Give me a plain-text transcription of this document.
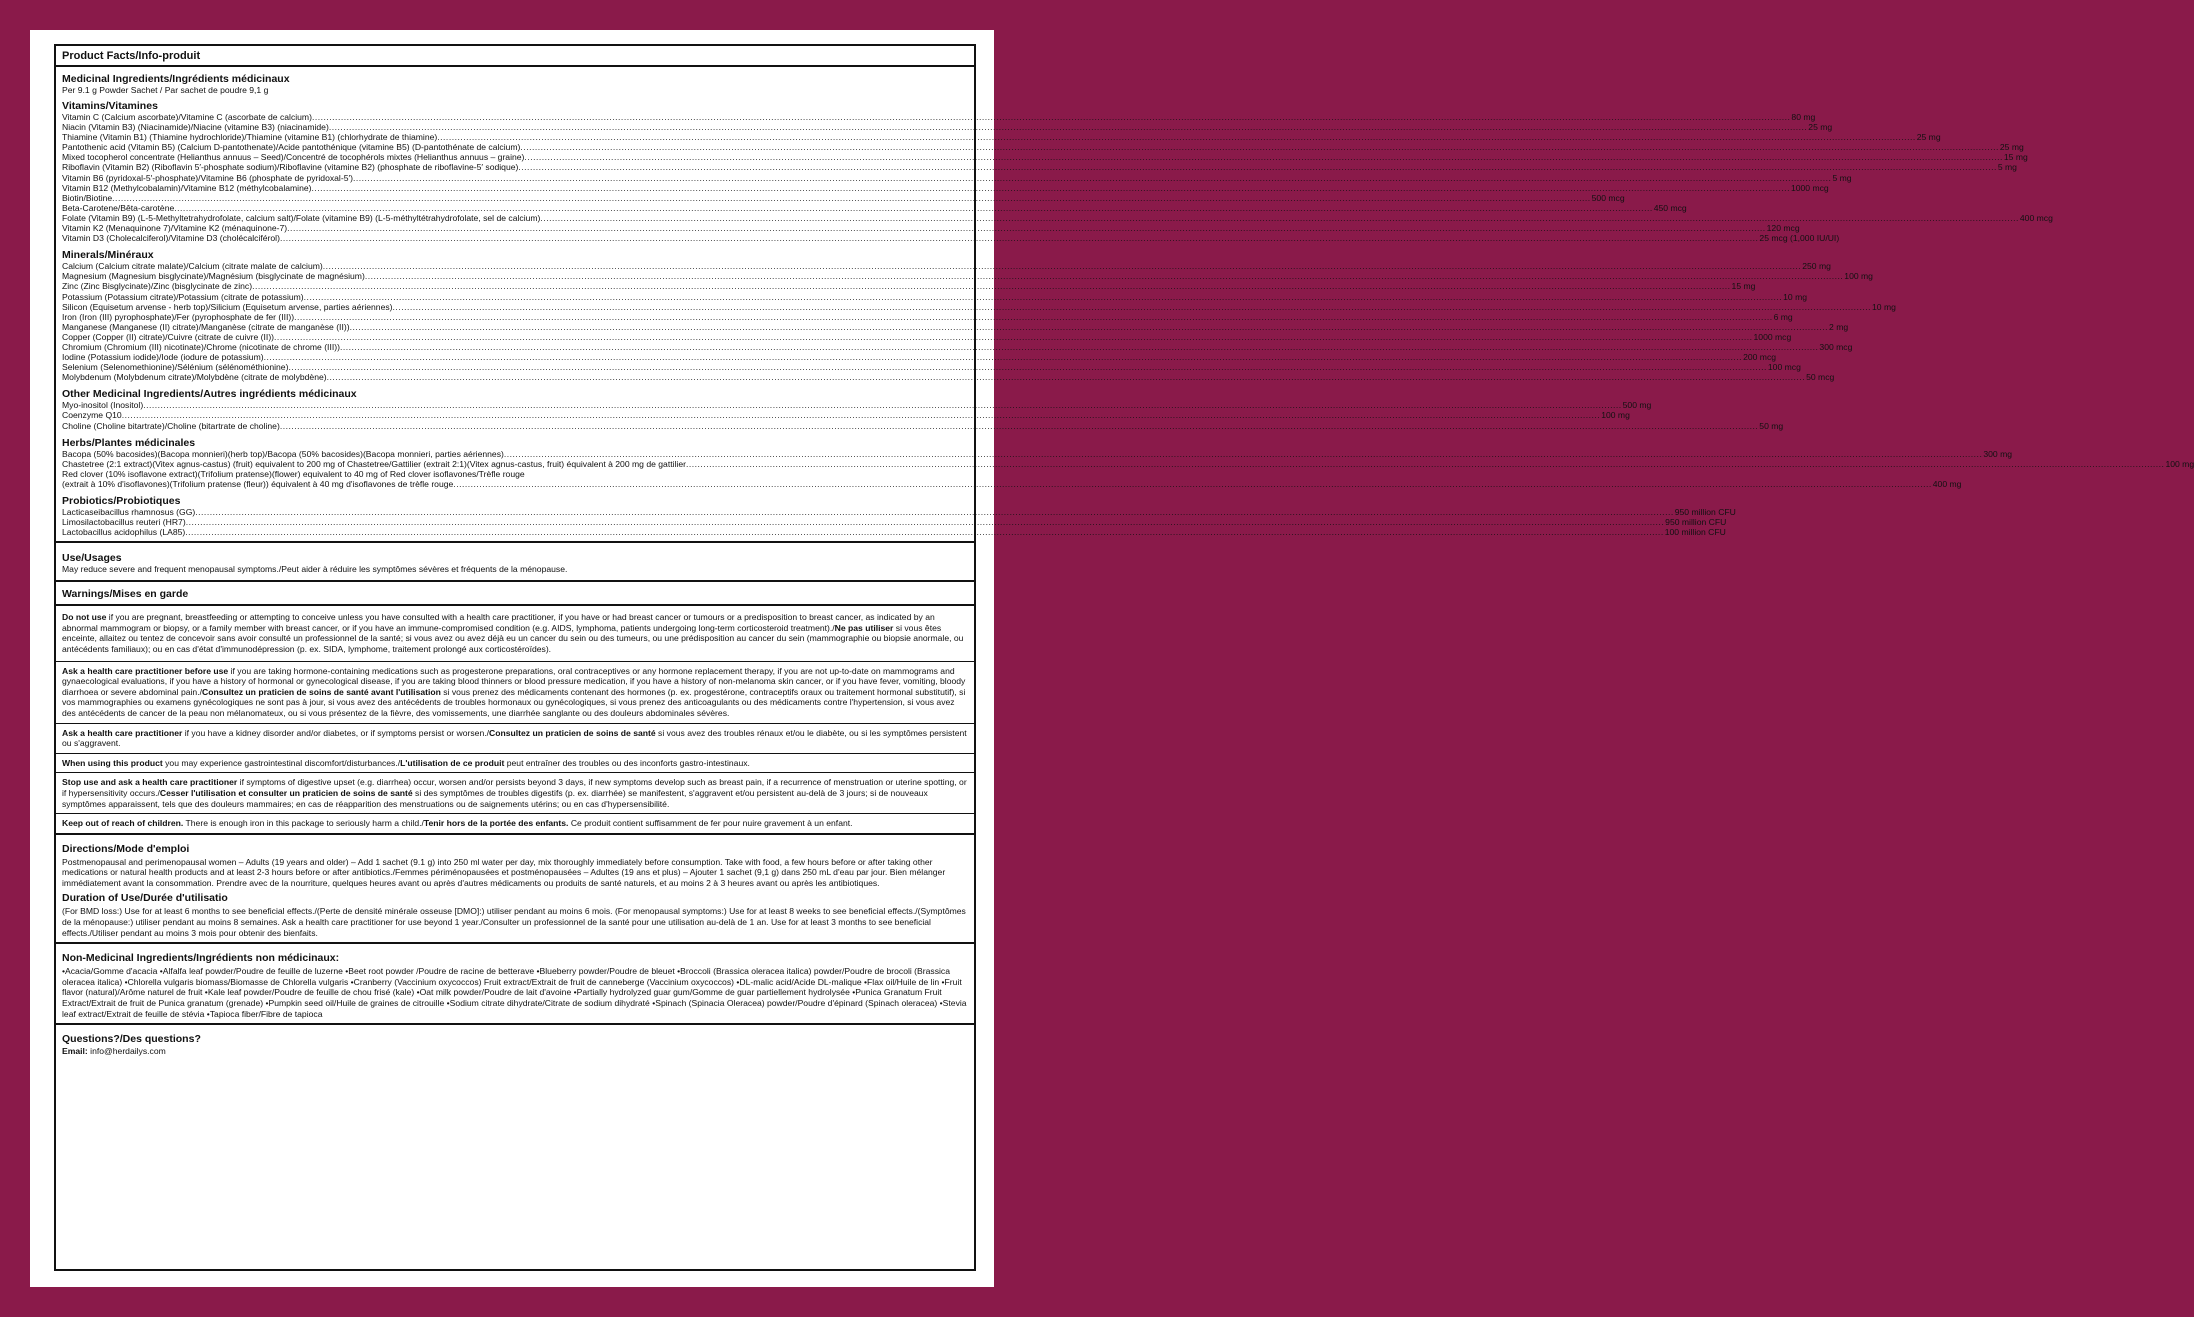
Product Facts/Info-produit
Medicinal Ingredients/Ingrédients médicinaux
Per 9.1 g Powder Sachet / Par sachet de poudre 9,1 g
Vitamins/Vitamines
Vitamin C (Calcium ascorbate)/Vitamine C (ascorbate de calcium) .....	80 mg
Niacin (Vitamin B3) (Niacinamide)/Niacine (vitamine B3) (niacinamide) .....	25 mg
Thiamine (Vitamin B1) (Thiamine hydrochloride)/Thiamine (vitamine B1) (chlorhydrate de thiamine) .....	25 mg
Pantothenic acid (Vitamin B5) (Calcium D-pantothenate)/Acide pantothénique (vitamine B5) (D-pantothénate de calcium) .....	25 mg
Mixed tocopherol concentrate (Helianthus annuus – Seed)/Concentré de tocophérols mixtes (Helianthus annuus – graine) .....	15 mg
Riboflavin (Vitamin B2) (Riboflavin 5′-phosphate sodium)/Riboflavine (vitamine B2) (phosphate de riboflavine-5′ sodique) .....	5 mg
Vitamin B6 (pyridoxal-5′-phosphate)/Vitamine B6 (phosphate de pyridoxal-5′) .....	5 mg
Vitamin B12 (Methylcobalamin)/Vitamine B12 (méthylcobalamine) .....	1000 mcg
Biotin/Biotine .....	500 mcg
Beta-Carotene/Bêta-carotène .....	450 mcg
Folate (Vitamin B9) (L-5-Methyltetrahydrofolate, calcium salt)/Folate (vitamine B9) (L-5-méthyltétrahydrofolate, sel de calcium) .....	400 mcg
Vitamin K2 (Menaquinone 7)/Vitamine K2 (ménaquinone-7) .....	120 mcg
Vitamin D3 (Cholecalciferol)/Vitamine D3 (cholécalciférol) .....	25 mcg (1,000 IU/UI)
Minerals/Minéraux
Calcium (Calcium citrate malate)/Calcium (citrate malate de calcium) .....	250 mg
Magnesium (Magnesium bisglycinate)/Magnésium (bisglycinate de magnésium) .....	100 mg
Zinc (Zinc Bisglycinate)/Zinc (bisglycinate de zinc) .....	15 mg
Potassium (Potassium citrate)/Potassium (citrate de potassium) .....	10 mg
Silicon (Equisetum arvense - herb top)/Silicium (Equisetum arvense, parties aériennes) .....	10 mg
Iron (Iron (III) pyrophosphate)/Fer (pyrophosphate de fer (III)) .....	6 mg
Manganese (Manganese (II) citrate)/Manganèse (citrate de manganèse (II)) .....	2 mg
Copper (Copper (II) citrate)/Cuivre (citrate de cuivre (II)) .....	1000 mcg
Chromium (Chromium (III) nicotinate)/Chrome (nicotinate de chrome (III)) .....	300 mcg
Iodine (Potassium iodide)/Iode (iodure de potassium) .....	200 mcg
Selenium (Selenomethionine)/Sélénium (sélénométhionine) .....	100 mcg
Molybdenum (Molybdenum citrate)/Molybdène (citrate de molybdène) .....	50 mcg
Other Medicinal Ingredients/Autres ingrédients médicinaux
Myo-inositol (Inositol) .....	500 mg
Coenzyme Q10 .....	100 mg
Choline (Choline bitartrate)/Choline (bitartrate de choline) .....	50 mg
Herbs/Plantes médicinales
Bacopa (50% bacosides)(Bacopa monnieri)(herb top)/Bacopa (50% bacosides)(Bacopa monnieri, parties aériennes) .....	300 mg
Chastetree (2:1 extract)(Vitex agnus-castus) (fruit) equivalent to 200 mg of Chastetree/Gattilier (extrait 2:1)(Vitex agnus-castus, fruit) équivalent à 200 mg de gattilier .....	100 mg
Red clover (10% isoflavone extract)(Trifolium pratense)(flower) equivalent to 40 mg of Red clover isoflavones/Trèfle rouge
(extrait à 10% d'isoflavones)(Trifolium pratense (fleur)) équivalent à 40 mg d'isoflavones de trèfle rouge .....	400 mg
Probiotics/Probiotiques
Lacticaseibacillus rhamnosus (GG) .....	950 million CFU
Limosilactobacillus reuteri (HR7) .....	950 million CFU
Lactobacillus acidophilus (LA85) .....	100 million CFU
Use/Usages
May reduce severe and frequent menopausal symptoms./Peut aider à réduire les symptômes sévères et fréquents de la ménopause.
Warnings/Mises en garde
Do not use if you are pregnant, breastfeeding or attempting to conceive unless you have consulted with a health care practitioner, if you have or had breast cancer or tumours or a predisposition to breast cancer, as indicated by an abnormal mammogram or biopsy, or a family member with breast cancer, or if you have an immune-compromised condition (e.g. AIDS, lymphoma, patients undergoing long-term corticosteroid treatment)./Ne pas utiliser si vous êtes enceinte, allaitez ou tentez de concevoir sans avoir consulté un professionnel de la santé; si vous avez ou avez déjà eu un cancer du sein ou des tumeurs, ou une prédisposition au cancer du sein (mammographie ou biopsie anormale, ou antécédents familiaux); ou en cas d'état d'immunodépression (p. ex. SIDA, lymphome, traitement prolongé aux corticostéroïdes).
Ask a health care practitioner before use if you are taking hormone-containing medications such as progesterone preparations, oral contraceptives or any hormone replacement therapy, if you are not up-to-date on mammograms and gynaecological evaluations, if you have a history of hormonal or gynecological disease, if you are taking blood thinners or blood pressure medication, if you have a history of non-melanoma skin cancer, or if you have fever, vomiting, bloody diarrhoea or severe abdominal pain./Consultez un praticien de soins de santé avant l'utilisation si vous prenez des médicaments contenant des hormones (p. ex. progestérone, contraceptifs oraux ou traitement hormonal substitutif), si vos mammographies ou examens gynécologiques ne sont pas à jour, si vous avez des antécédents de troubles hormonaux ou gynécologiques, si vous prenez des anticoagulants ou des médicaments contre l'hypertension, si vous avez des antécédents de cancer de la peau non mélanomateux, ou si vous présentez de la fièvre, des vomissements, une diarrhée sanglante ou des douleurs abdominales sévères.
Ask a health care practitioner if you have a kidney disorder and/or diabetes, or if symptoms persist or worsen./Consultez un praticien de soins de santé si vous avez des troubles rénaux et/ou le diabète, ou si les symptômes persistent ou s'aggravent.
When using this product you may experience gastrointestinal discomfort/disturbances./L'utilisation de ce produit peut entraîner des troubles ou des inconforts gastro-intestinaux.
Stop use and ask a health care practitioner if symptoms of digestive upset (e.g. diarrhea) occur, worsen and/or persists beyond 3 days, if new symptoms develop such as breast pain, if a recurrence of menstruation or uterine spotting, or if hypersensitivity occurs./Cesser l'utilisation et consulter un praticien de soins de santé si des symptômes de troubles digestifs (p. ex. diarrhée) se manifestent, s'aggravent et/ou persistent au-delà de 3 jours; si de nouveaux symptômes apparaissent, tels que des douleurs mammaires; en cas de réapparition des menstruations ou de saignements utérins; ou en cas d'hypersensibilité.
Keep out of reach of children. There is enough iron in this package to seriously harm a child./Tenir hors de la portée des enfants. Ce produit contient suffisamment de fer pour nuire gravement à un enfant.
Directions/Mode d'emploi
Postmenopausal and perimenopausal women – Adults (19 years and older) – Add 1 sachet (9.1 g) into 250 ml water per day, mix thoroughly immediately before consumption. Take with food, a few hours before or after taking other medications or natural health products and at least 2-3 hours before or after antibiotics./Femmes périménopausées et postménopausées – Adultes (19 ans et plus) – Ajouter 1 sachet (9,1 g) dans 250 mL d'eau par jour. Bien mélanger immédiatement avant la consommation. Prendre avec de la nourriture, quelques heures avant ou après d'autres médicaments ou produits de santé naturels, et au moins 2 à 3 heures avant ou après les antibiotiques.
Duration of Use/Durée d'utilisatio
(For BMD loss:) Use for at least 6 months to see beneficial effects./(Perte de densité minérale osseuse [DMO]:) utiliser pendant au moins 6 mois. (For menopausal symptoms:) Use for at least 8 weeks to see beneficial effects./(Symptômes de la ménopause:) utiliser pendant au moins 8 semaines. Ask a health care practitioner for use beyond 1 year./Consulter un professionnel de la santé pour une utilisation au-delà de 1 an. Use for at least 3 months to see beneficial effects./Utiliser pendant au moins 3 mois pour obtenir des bienfaits.
Non-Medicinal Ingredients/Ingrédients non médicinaux:
•Acacia/Gomme d'acacia •Alfalfa leaf powder/Poudre de feuille de luzerne •Beet root powder /Poudre de racine de betterave •Blueberry powder/Poudre de bleuet •Broccoli (Brassica oleracea italica) powder/Poudre de brocoli (Brassica oleracea italica) •Chlorella vulgaris biomass/Biomasse de Chlorella vulgaris •Cranberry (Vaccinium oxycoccos) Fruit extract/Extrait de fruit de canneberge (Vaccinium oxycoccos) •DL-malic acid/Acide DL-malique •Flax oil/Huile de lin •Fruit flavor (natural)/Arôme naturel de fruit •Kale leaf powder/Poudre de feuille de chou frisé (kale) •Oat milk powder/Poudre de lait d'avoine •Partially hydrolyzed guar gum/Gomme de guar partiellement hydrolysée •Punica Granatum Fruit Extract/Extrait de fruit de Punica granatum (grenade) •Pumpkin seed oil/Huile de graines de citrouille •Sodium citrate dihydrate/Citrate de sodium dihydraté •Spinach (Spinacia Oleracea) powder/Poudre d'épinard (Spinach oleracea) •Stevia leaf extract/Extrait de feuille de stévia •Tapioca fiber/Fibre de tapioca
Questions?/Des questions?
Email: info@herdailys.com
